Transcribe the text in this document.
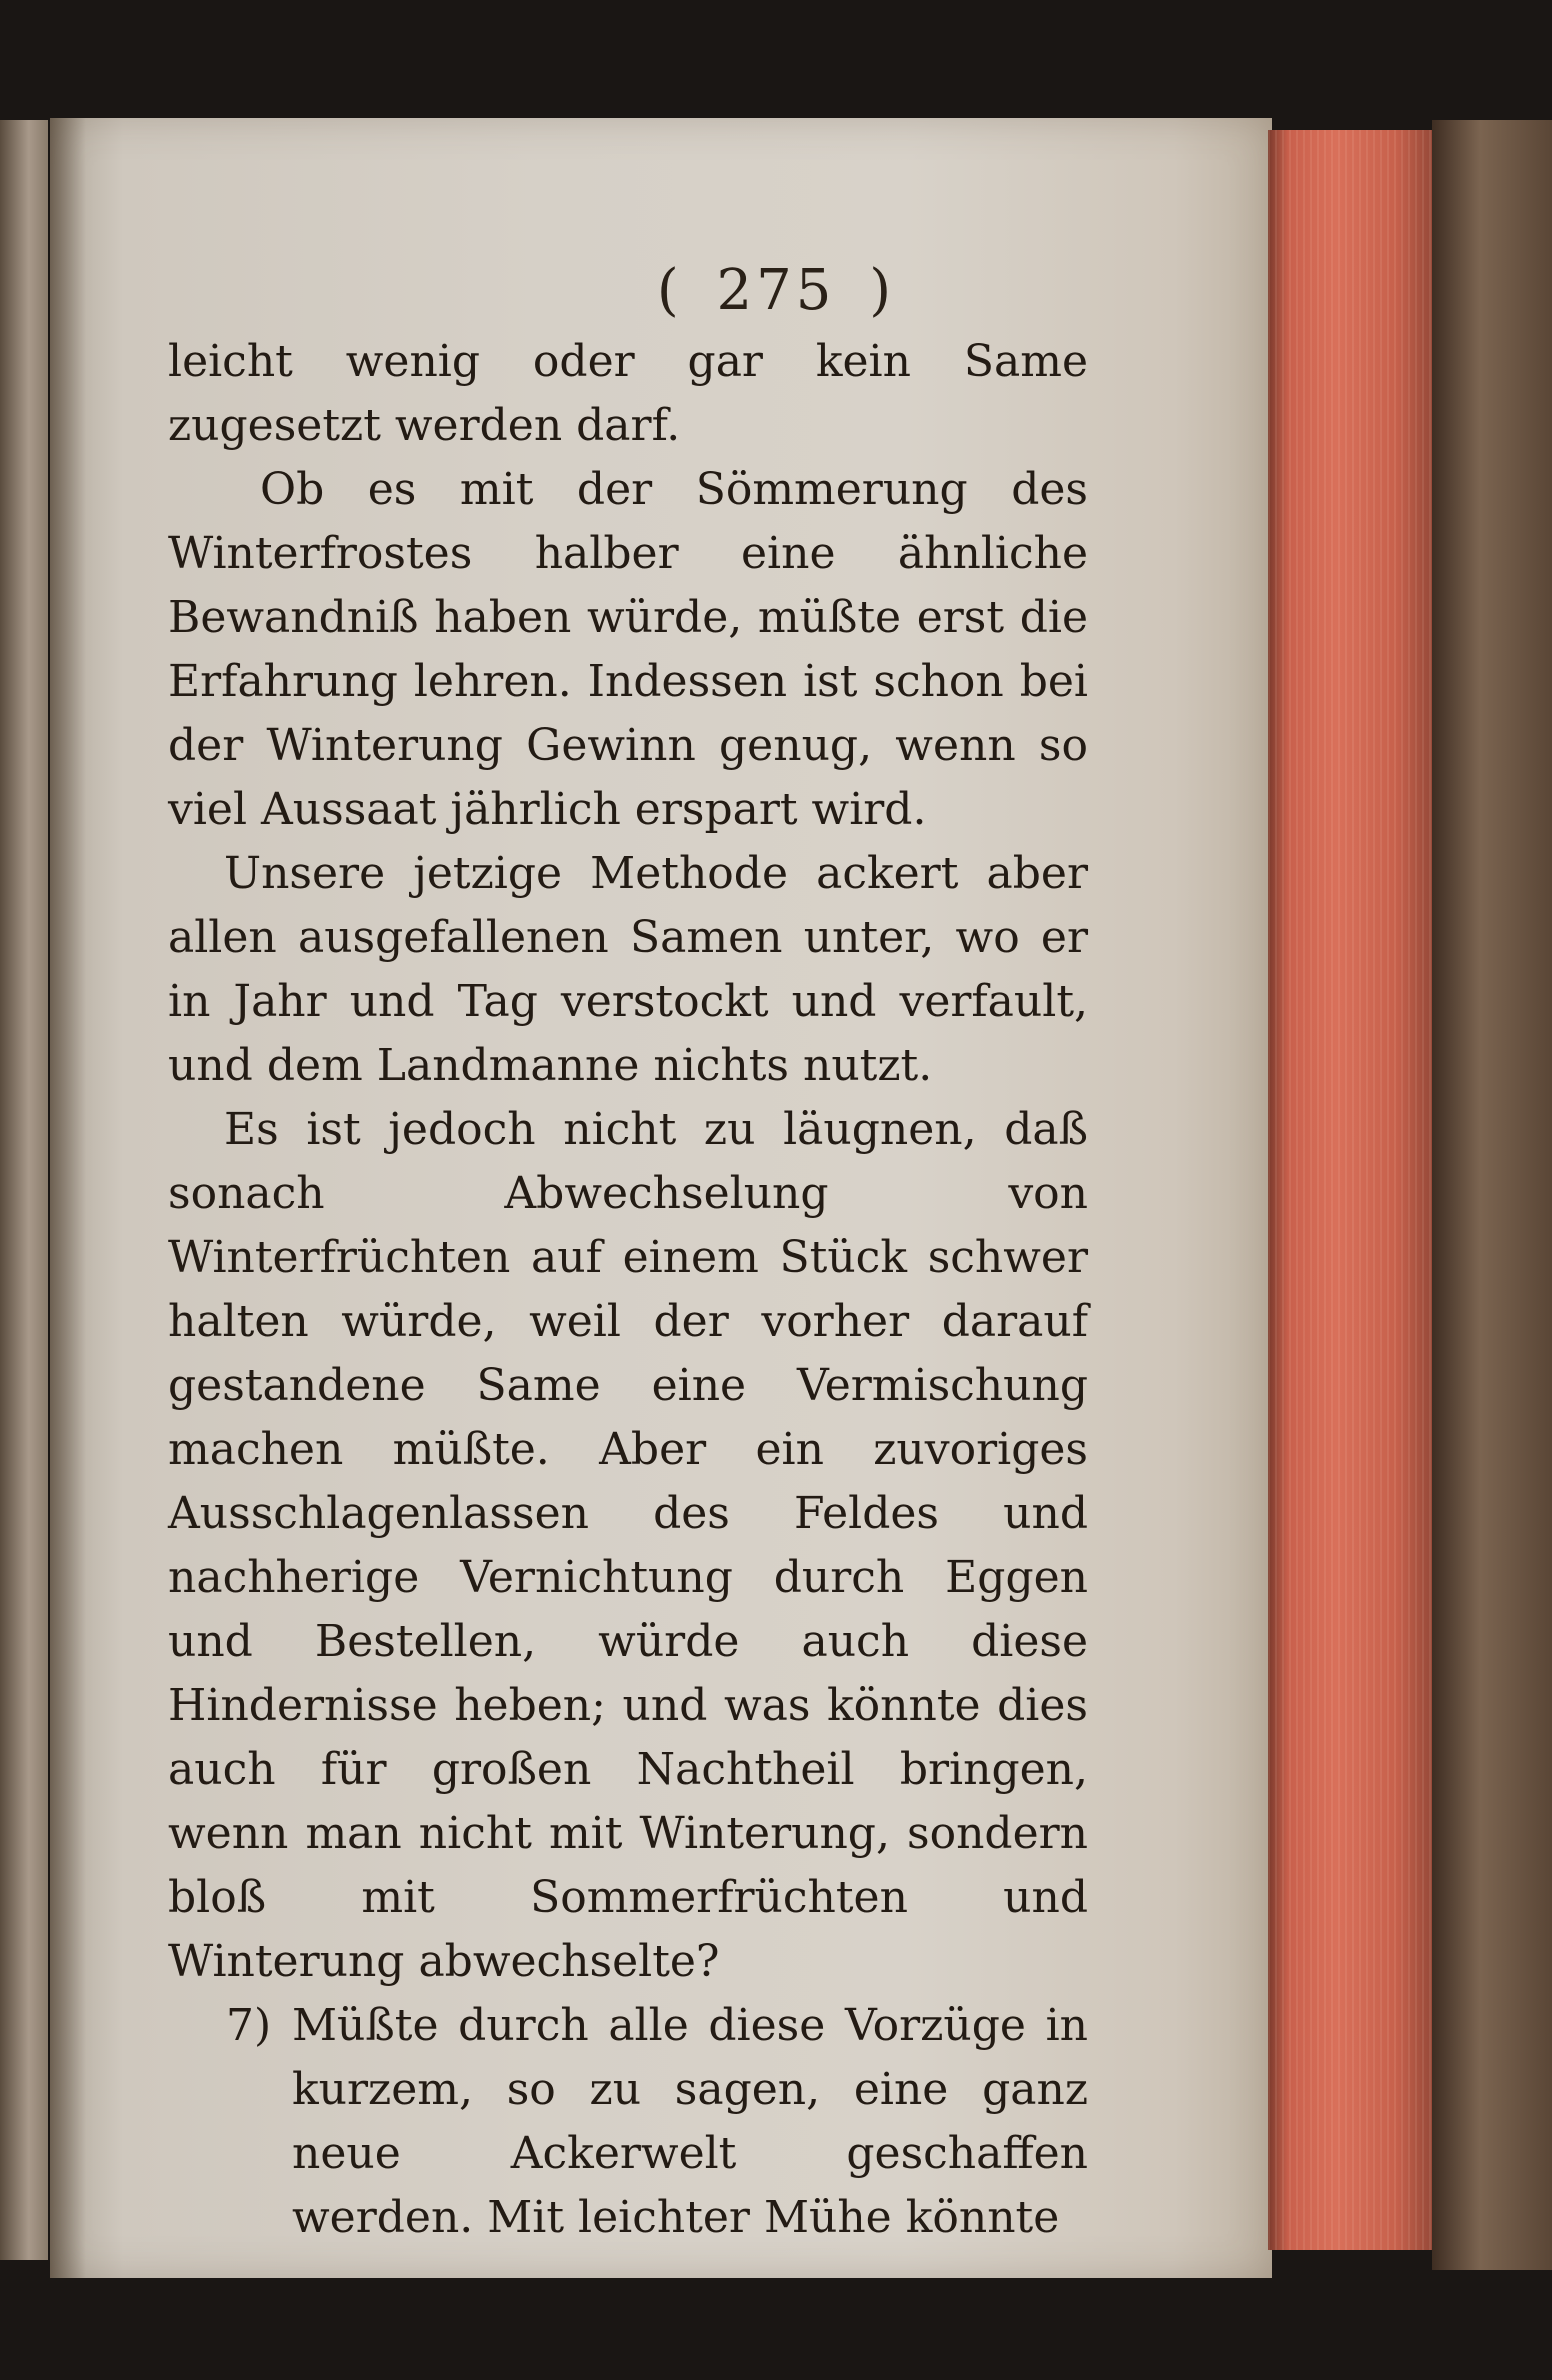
( 275 )

leicht wenig oder gar kein Same zugesetzt werden darf.

Ob es mit der Sömmerung des Winterfrostes halber eine ähnliche Bewandniß haben würde, müßte erst die Erfahrung lehren. Indessen ist schon bei der Winterung Gewinn genug, wenn so viel Aussaat jährlich erspart wird.

Unsere jetzige Methode ackert aber allen ausgefallenen Samen unter, wo er in Jahr und Tag verstockt und verfault, und dem Landmanne nichts nutzt.

Es ist jedoch nicht zu läugnen, daß sonach Abwechselung von Winterfrüchten auf einem Stück schwer halten würde, weil der vorher darauf gestandene Same eine Vermischung machen müßte. Aber ein zuvoriges Ausschlagenlassen des Feldes und nachherige Vernichtung durch Eggen und Bestellen, würde auch diese Hindernisse heben; und was könnte dies auch für großen Nachtheil bringen, wenn man nicht mit Winterung, sondern bloß mit Sommerfrüchten und Winterung abwechselte?

7) Müßte durch alle diese Vorzüge in kurzem, so zu sagen, eine ganz neue Ackerwelt geschaffen werden. Mit leichter Mühe könnte
